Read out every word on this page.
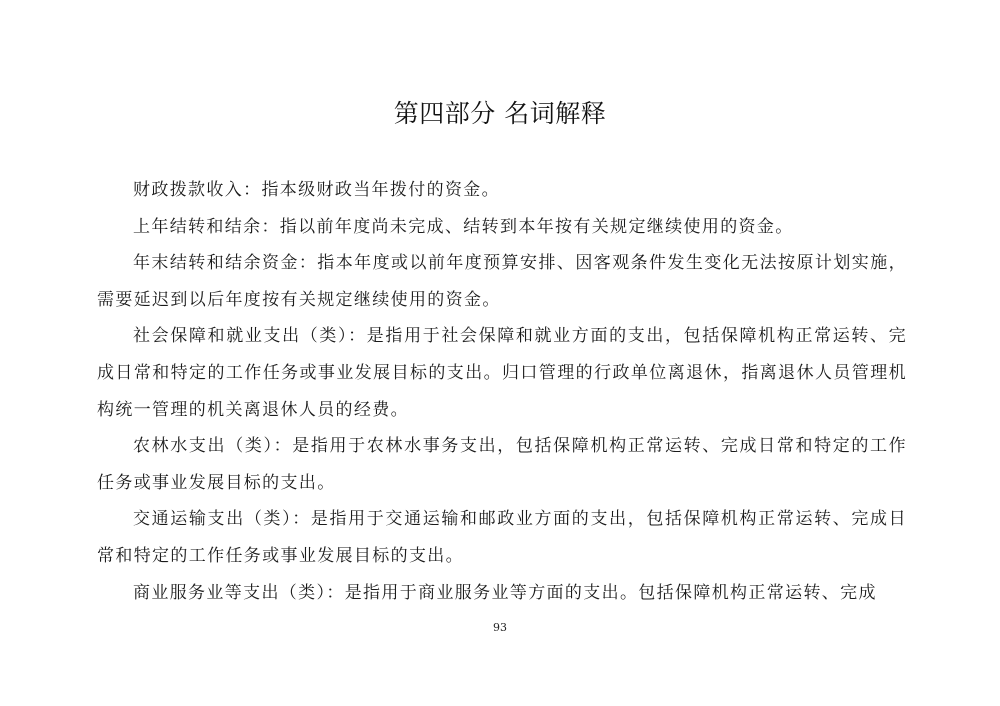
第四部分 名词解释

财政拨款收入：指本级财政当年拨付的资金。

上年结转和结余：指以前年度尚未完成、结转到本年按有关规定继续使用的资金。

年末结转和结余资金：指本年度或以前年度预算安排、因客观条件发生变化无法按原计划实施，需要延迟到以后年度按有关规定继续使用的资金。

社会保障和就业支出（类）：是指用于社会保障和就业方面的支出，包括保障机构正常运转、完成日常和特定的工作任务或事业发展目标的支出。归口管理的行政单位离退休，指离退休人员管理机构统一管理的机关离退休人员的经费。

农林水支出（类）：是指用于农林水事务支出，包括保障机构正常运转、完成日常和特定的工作任务或事业发展目标的支出。

交通运输支出（类）：是指用于交通运输和邮政业方面的支出，包括保障机构正常运转、完成日常和特定的工作任务或事业发展目标的支出。

商业服务业等支出（类）：是指用于商业服务业等方面的支出。包括保障机构正常运转、完成

93
